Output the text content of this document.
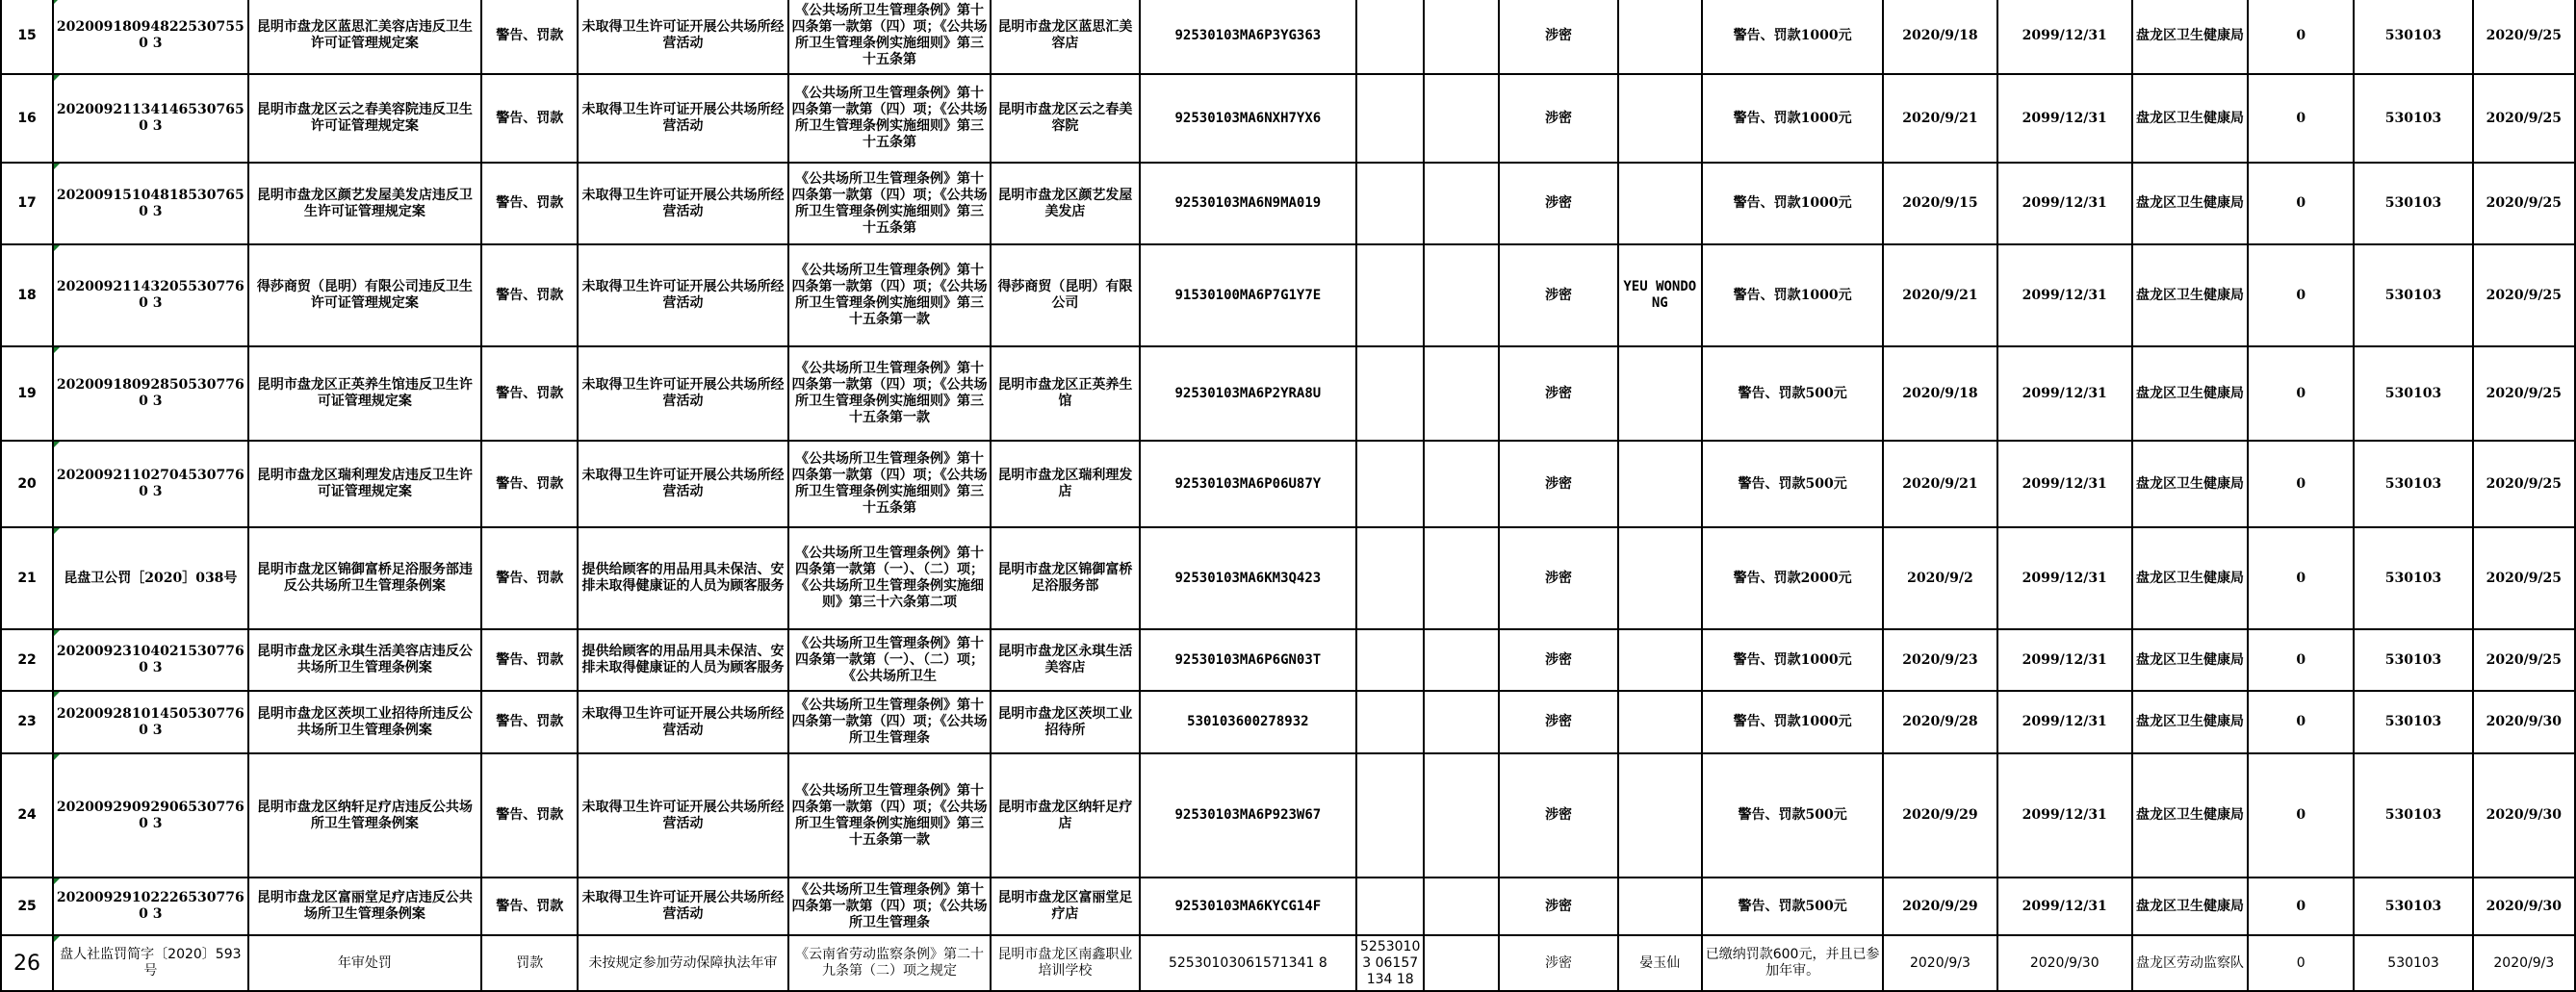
15	202009180948225307550 3	昆明市盘龙区蓝思汇美容店违反卫生许可证管理规定案	警告、罚款	未取得卫生许可证开展公共场所经营活动	《公共场所卫生管理条例》第十四条第一款第（四）项；《公共场所卫生管理条例实施细则》第三十五条第	昆明市盘龙区蓝思汇美容店	92530103MA6P3YG363			涉密		警告、罚款1000元	2020/9/18	2099/12/31	盘龙区卫生健康局	0	530103	2020/9/25
16	202009211341465307650 3	昆明市盘龙区云之春美容院违反卫生许可证管理规定案	警告、罚款	未取得卫生许可证开展公共场所经营活动	《公共场所卫生管理条例》第十四条第一款第（四）项；《公共场所卫生管理条例实施细则》第三十五条第	昆明市盘龙区云之春美容院	92530103MA6NXH7YX6			涉密		警告、罚款1000元	2020/9/21	2099/12/31	盘龙区卫生健康局	0	530103	2020/9/25
17	202009151048185307650 3	昆明市盘龙区颜艺发屋美发店违反卫生许可证管理规定案	警告、罚款	未取得卫生许可证开展公共场所经营活动	《公共场所卫生管理条例》第十四条第一款第（四）项；《公共场所卫生管理条例实施细则》第三十五条第	昆明市盘龙区颜艺发屋美发店	92530103MA6N9MA019			涉密		警告、罚款1000元	2020/9/15	2099/12/31	盘龙区卫生健康局	0	530103	2020/9/25
18	202009211432055307760 3	得莎商贸（昆明）有限公司违反卫生许可证管理规定案	警告、罚款	未取得卫生许可证开展公共场所经营活动	《公共场所卫生管理条例》第十四条第一款第（四）项；《公共场所卫生管理条例实施细则》第三十五条第一款	得莎商贸（昆明）有限公司	91530100MA6P7G1Y7E			涉密	YEU WONDONG	警告、罚款1000元	2020/9/21	2099/12/31	盘龙区卫生健康局	0	530103	2020/9/25
19	202009180928505307760 3	昆明市盘龙区正英养生馆违反卫生许可证管理规定案	警告、罚款	未取得卫生许可证开展公共场所经营活动	《公共场所卫生管理条例》第十四条第一款第（四）项；《公共场所卫生管理条例实施细则》第三十五条第一款	昆明市盘龙区正英养生馆	92530103MA6P2YRA8U			涉密		警告、罚款500元	2020/9/18	2099/12/31	盘龙区卫生健康局	0	530103	2020/9/25
20	202009211027045307760 3	昆明市盘龙区瑞利理发店违反卫生许可证管理规定案	警告、罚款	未取得卫生许可证开展公共场所经营活动	《公共场所卫生管理条例》第十四条第一款第（四）项；《公共场所卫生管理条例实施细则》第三十五条第	昆明市盘龙区瑞利理发店	92530103MA6P06U87Y			涉密		警告、罚款500元	2020/9/21	2099/12/31	盘龙区卫生健康局	0	530103	2020/9/25
21	昆盘卫公罚［2020］038号	昆明市盘龙区锦御富桥足浴服务部违反公共场所卫生管理条例案	警告、罚款	提供给顾客的用品用具未保洁、安排未取得健康证的人员为顾客服务	《公共场所卫生管理条例》第十四条第一款第（一）、（二）项；《公共场所卫生管理条例实施细则》第三十六条第二项	昆明市盘龙区锦御富桥足浴服务部	92530103MA6KM3Q423			涉密		警告、罚款2000元	2020/9/2	2099/12/31	盘龙区卫生健康局	0	530103	2020/9/25
22	202009231040215307760 3	昆明市盘龙区永琪生活美容店违反公共场所卫生管理条例案	警告、罚款	提供给顾客的用品用具未保洁、安排未取得健康证的人员为顾客服务	《公共场所卫生管理条例》第十四条第一款第（一）、（二）项；《公共场所卫生	昆明市盘龙区永琪生活美容店	92530103MA6P6GN03T			涉密		警告、罚款1000元	2020/9/23	2099/12/31	盘龙区卫生健康局	0	530103	2020/9/25
23	202009281014505307760 3	昆明市盘龙区茨坝工业招待所违反公共场所卫生管理条例案	警告、罚款	未取得卫生许可证开展公共场所经营活动	《公共场所卫生管理条例》第十四条第一款第（四）项；《公共场所卫生管理条	昆明市盘龙区茨坝工业招待所	530103600278932			涉密		警告、罚款1000元	2020/9/28	2099/12/31	盘龙区卫生健康局	0	530103	2020/9/30
24	202009290929065307760 3	昆明市盘龙区纳轩足疗店违反公共场所卫生管理条例案	警告、罚款	未取得卫生许可证开展公共场所经营活动	《公共场所卫生管理条例》第十四条第一款第（四）项；《公共场所卫生管理条例实施细则》第三十五条第一款	昆明市盘龙区纳轩足疗店	92530103MA6P923W67			涉密		警告、罚款500元	2020/9/29	2099/12/31	盘龙区卫生健康局	0	530103	2020/9/30
25	202009291022265307760 3	昆明市盘龙区富丽堂足疗店违反公共场所卫生管理条例案	警告、罚款	未取得卫生许可证开展公共场所经营活动	《公共场所卫生管理条例》第十四条第一款第（四）项；《公共场所卫生管理条	昆明市盘龙区富丽堂足疗店	92530103MA6KYCG14F			涉密		警告、罚款500元	2020/9/29	2099/12/31	盘龙区卫生健康局	0	530103	2020/9/30
26	盘人社监罚简字〔2020〕593号	年审处罚	罚款	未按规定参加劳动保障执法年审	《云南省劳动监察条例》第二十九条第（二）项之规定	昆明市盘龙区南鑫职业培训学校	52530103061571341 8	52530103 06157134 18		涉密	晏玉仙	已缴纳罚款600元，并且已参加年审。	2020/9/3	2020/9/30	盘龙区劳动监察队	0	530103	2020/9/3
